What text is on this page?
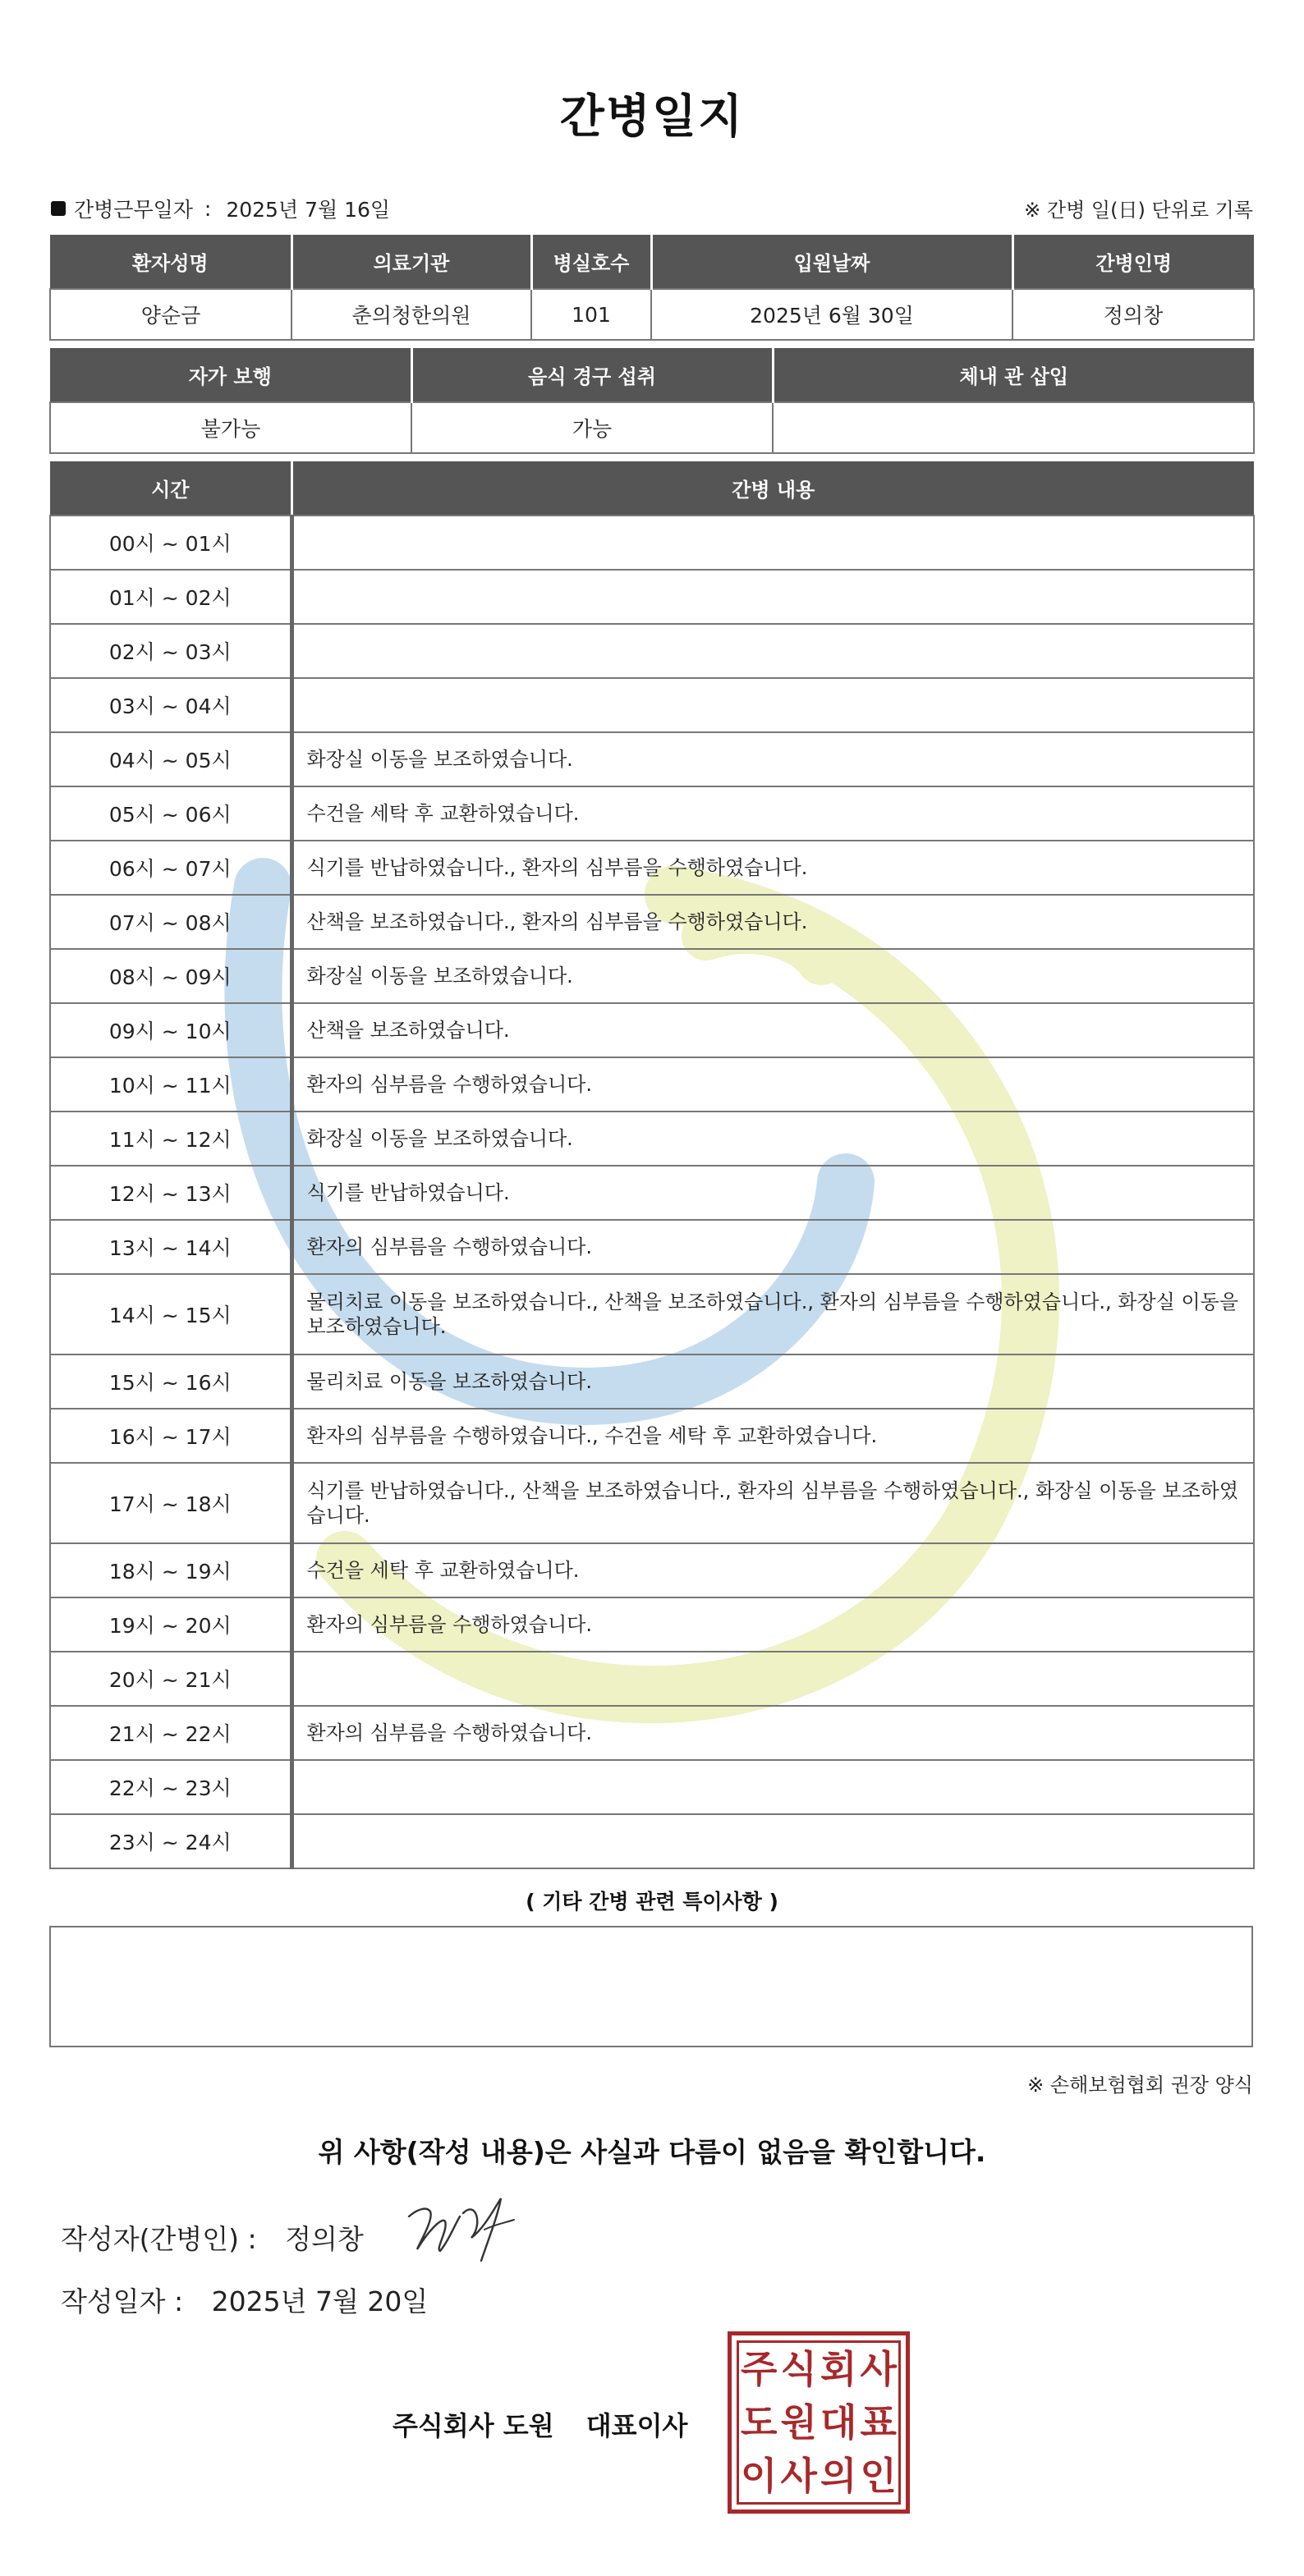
간병일지
간병근무일자 : 2025년 7월 16일	※ 간병 일(日) 단위로 기록
환자성명	의료기관	병실호수	입원날짜	간병인명
양순금	춘의청한의원	101	2025년 6월 30일	정의창
자가 보행	음식 경구 섭취	체내 관 삽입
불가능	가능	
시간	간병 내용
00시 ~ 01시	
01시 ~ 02시	
02시 ~ 03시	
03시 ~ 04시	
04시 ~ 05시	화장실 이동을 보조하였습니다.
05시 ~ 06시	수건을 세탁 후 교환하였습니다.
06시 ~ 07시	식기를 반납하였습니다., 환자의 심부름을 수행하였습니다.
07시 ~ 08시	산책을 보조하였습니다., 환자의 심부름을 수행하였습니다.
08시 ~ 09시	화장실 이동을 보조하였습니다.
09시 ~ 10시	산책을 보조하였습니다.
10시 ~ 11시	환자의 심부름을 수행하였습니다.
11시 ~ 12시	화장실 이동을 보조하였습니다.
12시 ~ 13시	식기를 반납하였습니다.
13시 ~ 14시	환자의 심부름을 수행하였습니다.
14시 ~ 15시	물리치료 이동을 보조하였습니다., 산책을 보조하였습니다., 환자의 심부름을 수행하였습니다., 화장실 이동을 보조하였습니다.
15시 ~ 16시	물리치료 이동을 보조하였습니다.
16시 ~ 17시	환자의 심부름을 수행하였습니다., 수건을 세탁 후 교환하였습니다.
17시 ~ 18시	식기를 반납하였습니다., 산책을 보조하였습니다., 환자의 심부름을 수행하였습니다., 화장실 이동을 보조하였습니다.
18시 ~ 19시	수건을 세탁 후 교환하였습니다.
19시 ~ 20시	환자의 심부름을 수행하였습니다.
20시 ~ 21시	
21시 ~ 22시	환자의 심부름을 수행하였습니다.
22시 ~ 23시	
23시 ~ 24시	
( 기타 간병 관련 특이사항 )
※ 손해보험협회 권장 양식
위 사항(작성 내용)은 사실과 다름이 없음을 확인합니다.
작성자(간병인) : 정의창
작성일자 : 2025년 7월 20일
주식회사 도원 대표이사
주 식 회 사
도 원 대 표
이 사 의 인
